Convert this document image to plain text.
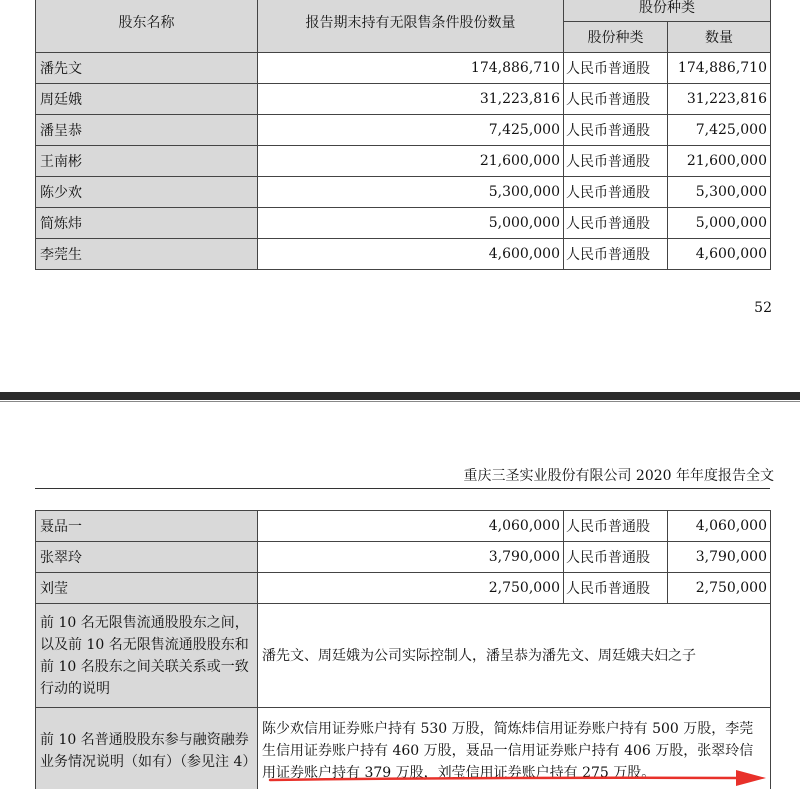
股东名称	报告期末持有无限售条件股份数量	股份种类	
		股份种类	数量
潘先文	174,886,710	人民币普通股	174,886,710
周廷娥	31,223,816	人民币普通股	31,223,816
潘呈恭	7,425,000	人民币普通股	7,425,000
王南彬	21,600,000	人民币普通股	21,600,000
陈少欢	5,300,000	人民币普通股	5,300,000
简炼炜	5,000,000	人民币普通股	5,000,000
李莞生	4,600,000	人民币普通股	4,600,000
52
重庆三圣实业股份有限公司 2020 年年度报告全文
聂品一	4,060,000	人民币普通股	4,060,000
张翠玲	3,790,000	人民币普通股	3,790,000
刘莹	2,750,000	人民币普通股	2,750,000
前 10 名无限售流通股股东之间，以及前 10 名无限售流通股股东和前 10 名股东之间关联关系或一致行动的说明	潘先文、周廷娥为公司实际控制人，潘呈恭为潘先文、周廷娥夫妇之子		
前 10 名普通股股东参与融资融券业务情况说明（如有）（参见注 4）	陈少欢信用证券账户持有 530 万股，简炼炜信用证券账户持有 500 万股，李莞生信用证券账户持有 460 万股，聂品一信用证券账户持有 406 万股，张翠玲信用证券账户持有 379 万股，刘莹信用证券账户持有 275 万股。		
